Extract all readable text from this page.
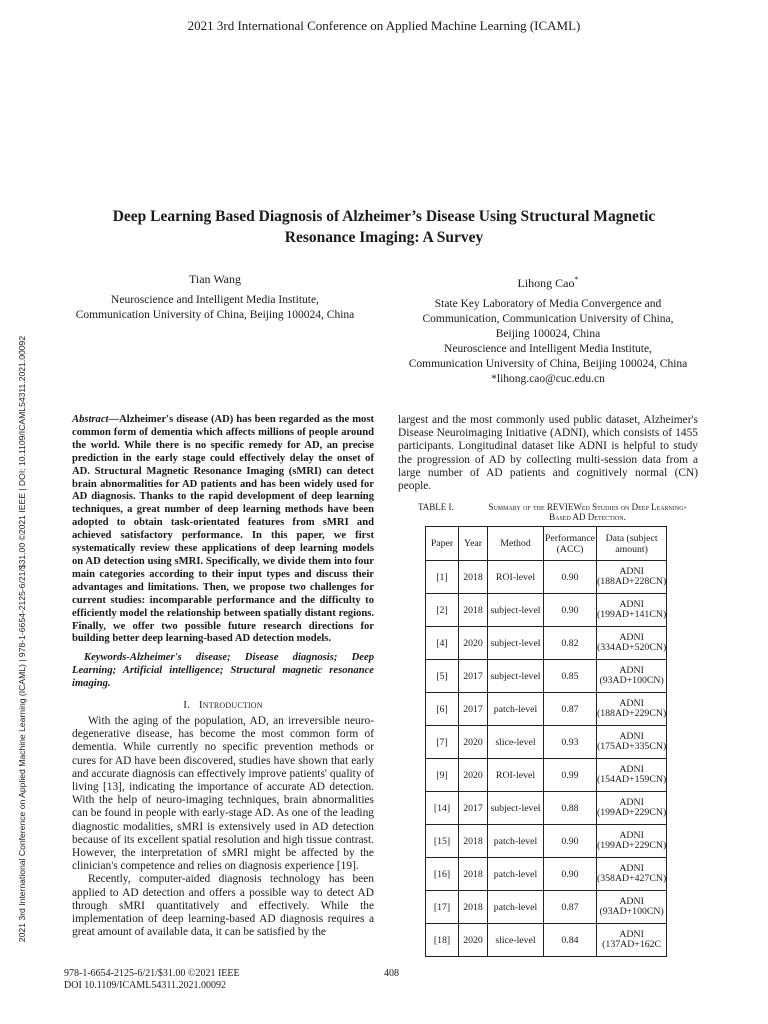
2021 3rd International Conference on Applied Machine Learning (ICAML)
Deep Learning Based Diagnosis of Alzheimer’s Disease Using Structural Magnetic
Resonance Imaging: A Survey
Tian Wang
Neuroscience and Intelligent Media Institute,
Communication University of China, Beijing 100024, China
Lihong Cao*
State Key Laboratory of Media Convergence and
Communication, Communication University of China,
Beijing 100024, China
Neuroscience and Intelligent Media Institute,
Communication University of China, Beijing 100024, China
*lihong.cao@cuc.edu.cn
2021 3rd International Conference on Applied Machine Learning (ICAML) | 978-1-6654-2125-6/21/$31.00 ©2021 IEEE | DOI: 10.1109/ICAML54311.2021.00092	Abstract—Alzheimer's disease (AD) has been regarded as the most common form of dementia which affects millions of people around the world. While there is no specific remedy for AD, an precise prediction in the early stage could effectively delay the onset of AD. Structural Magnetic Resonance Imaging (sMRI) can detect brain abnormalities for AD patients and has been widely used for AD diagnosis. Thanks to the rapid development of deep learning techniques, a great number of deep learning methods have been adopted to obtain task-orientated features from sMRI and achieved satisfactory performance. In this paper, we first systematically review these applications of deep learning models on AD detection using sMRI. Specifically, we divide them into four main categories according to their input types and discuss their advantages and limitations. Then, we propose two challenges for current studies: incomparable performance and the difficulty to efficiently model the relationship between spatially distant regions. Finally, we offer two possible future research directions for building better deep learning-based AD detection models.
Keywords-Alzheimer's disease; Disease diagnosis; Deep Learning; Artificial intelligence; Structural magnetic resonance imaging.
I. Introduction

With the aging of the population, AD, an irreversible neuro-degenerative disease, has become the most common form of dementia. While currently no specific prevention methods or cures for AD have been discovered, studies have shown that early and accurate diagnosis can effectively improve patients' quality of living [13], indicating the importance of accurate AD detection. With the help of neuro-imaging techniques, brain abnormalities can be found in people with early-stage AD. As one of the leading diagnostic modalities, sMRI is extensively used in AD detection because of its excellent spatial resolution and high tissue contrast. However, the interpretation of sMRI might be affected by the clinician's competence and relies on diagnosis experience [19].

Recently, computer-aided diagnosis technology has been applied to AD detection and offers a possible way to detect AD through sMRI quantitatively and effectively. While the implementation of deep learning-based AD diagnosis requires a great amount of available data, it can be satisfied by the

largest and the most commonly used public dataset, Alzheimer's Disease Neuroimaging Initiative (ADNI), which consists of 1455 participants. Longitudinal dataset like ADNI is helpful to study the progression of AD by collecting multi-session data from a large number of AD patients and cognitively normal (CN) people.
TABLE I.	Summary of the REVIEWed Studies on Deep Learning-Based AD Detection.
Paper	Year	Method	Performance (ACC)	Data (subject amount)
[1]	2018	ROI-level	0.90	ADNI (188AD+228CN)
[2]	2018	subject-level	0.90	ADNI (199AD+141CN)
[4]	2020	subject-level	0.82	ADNI (334AD+520CN)
[5]	2017	subject-level	0.85	ADNI (93AD+100CN)
[6]	2017	patch-level	0.87	ADNI (188AD+229CN)
[7]	2020	slice-level	0.93	ADNI (175AD+335CN)
[9]	2020	ROI-level	0.99	ADNI (154AD+159CN)
[14]	2017	subject-level	0.88	ADNI (199AD+229CN)
[15]	2018	patch-level	0.90	ADNI (199AD+229CN)
[16]	2018	patch-level	0.90	ADNI (358AD+427CN)
[17]	2018	patch-level	0.87	ADNI (93AD+100CN)
[18]	2020	slice-level	0.84	ADNI (137AD+162C
978-1-6654-2125-6/21/$31.00 ©2021 IEEE
DOI 10.1109/ICAML54311.2021.00092
408
